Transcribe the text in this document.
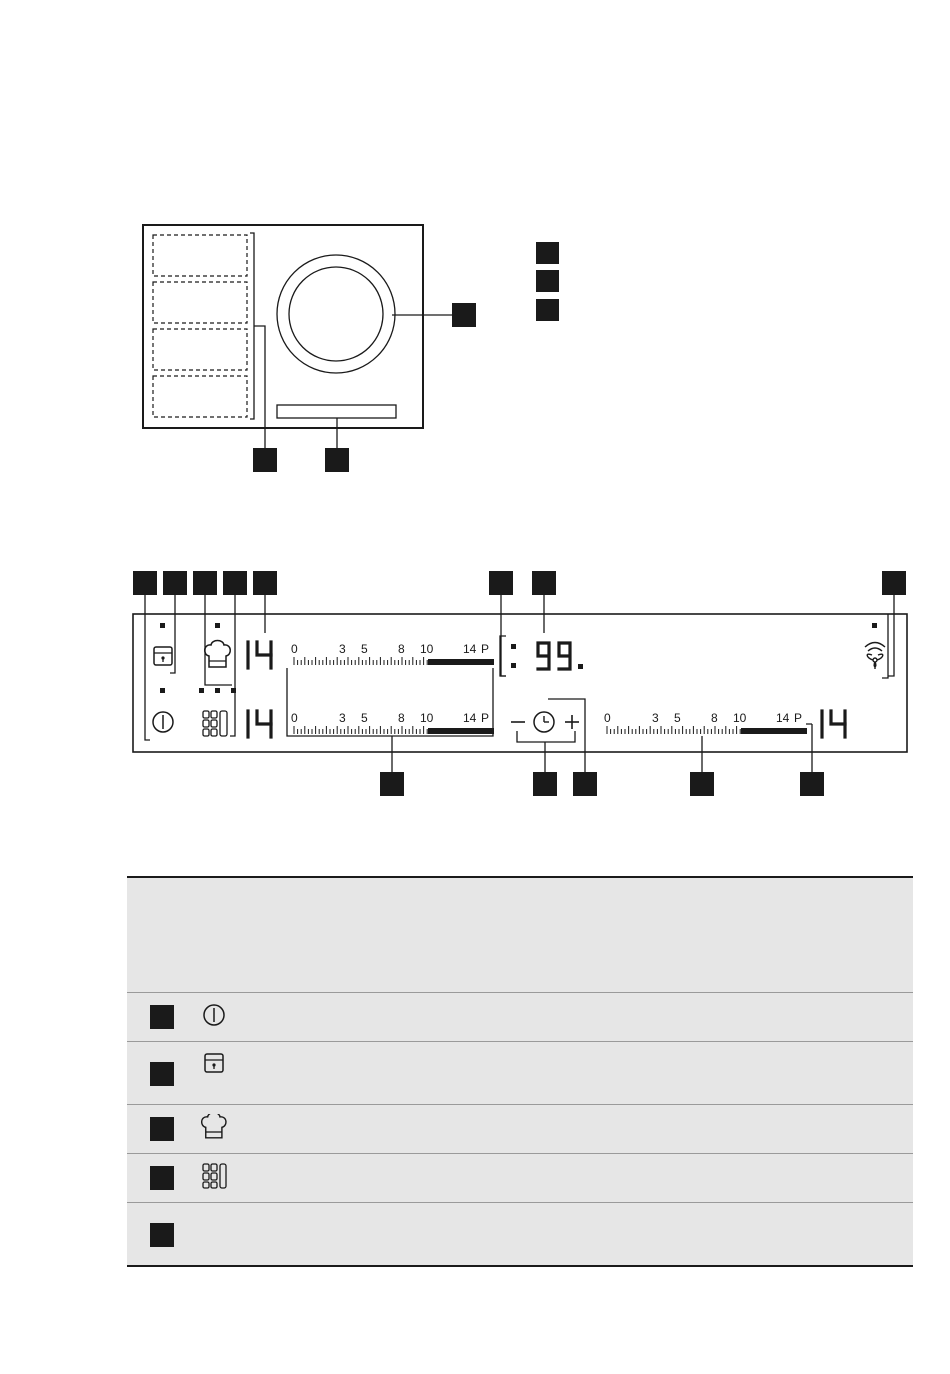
0	3 5	8 10 14 P
0	3 5	8 10 14 P	0	3 5	8 10 14 P
